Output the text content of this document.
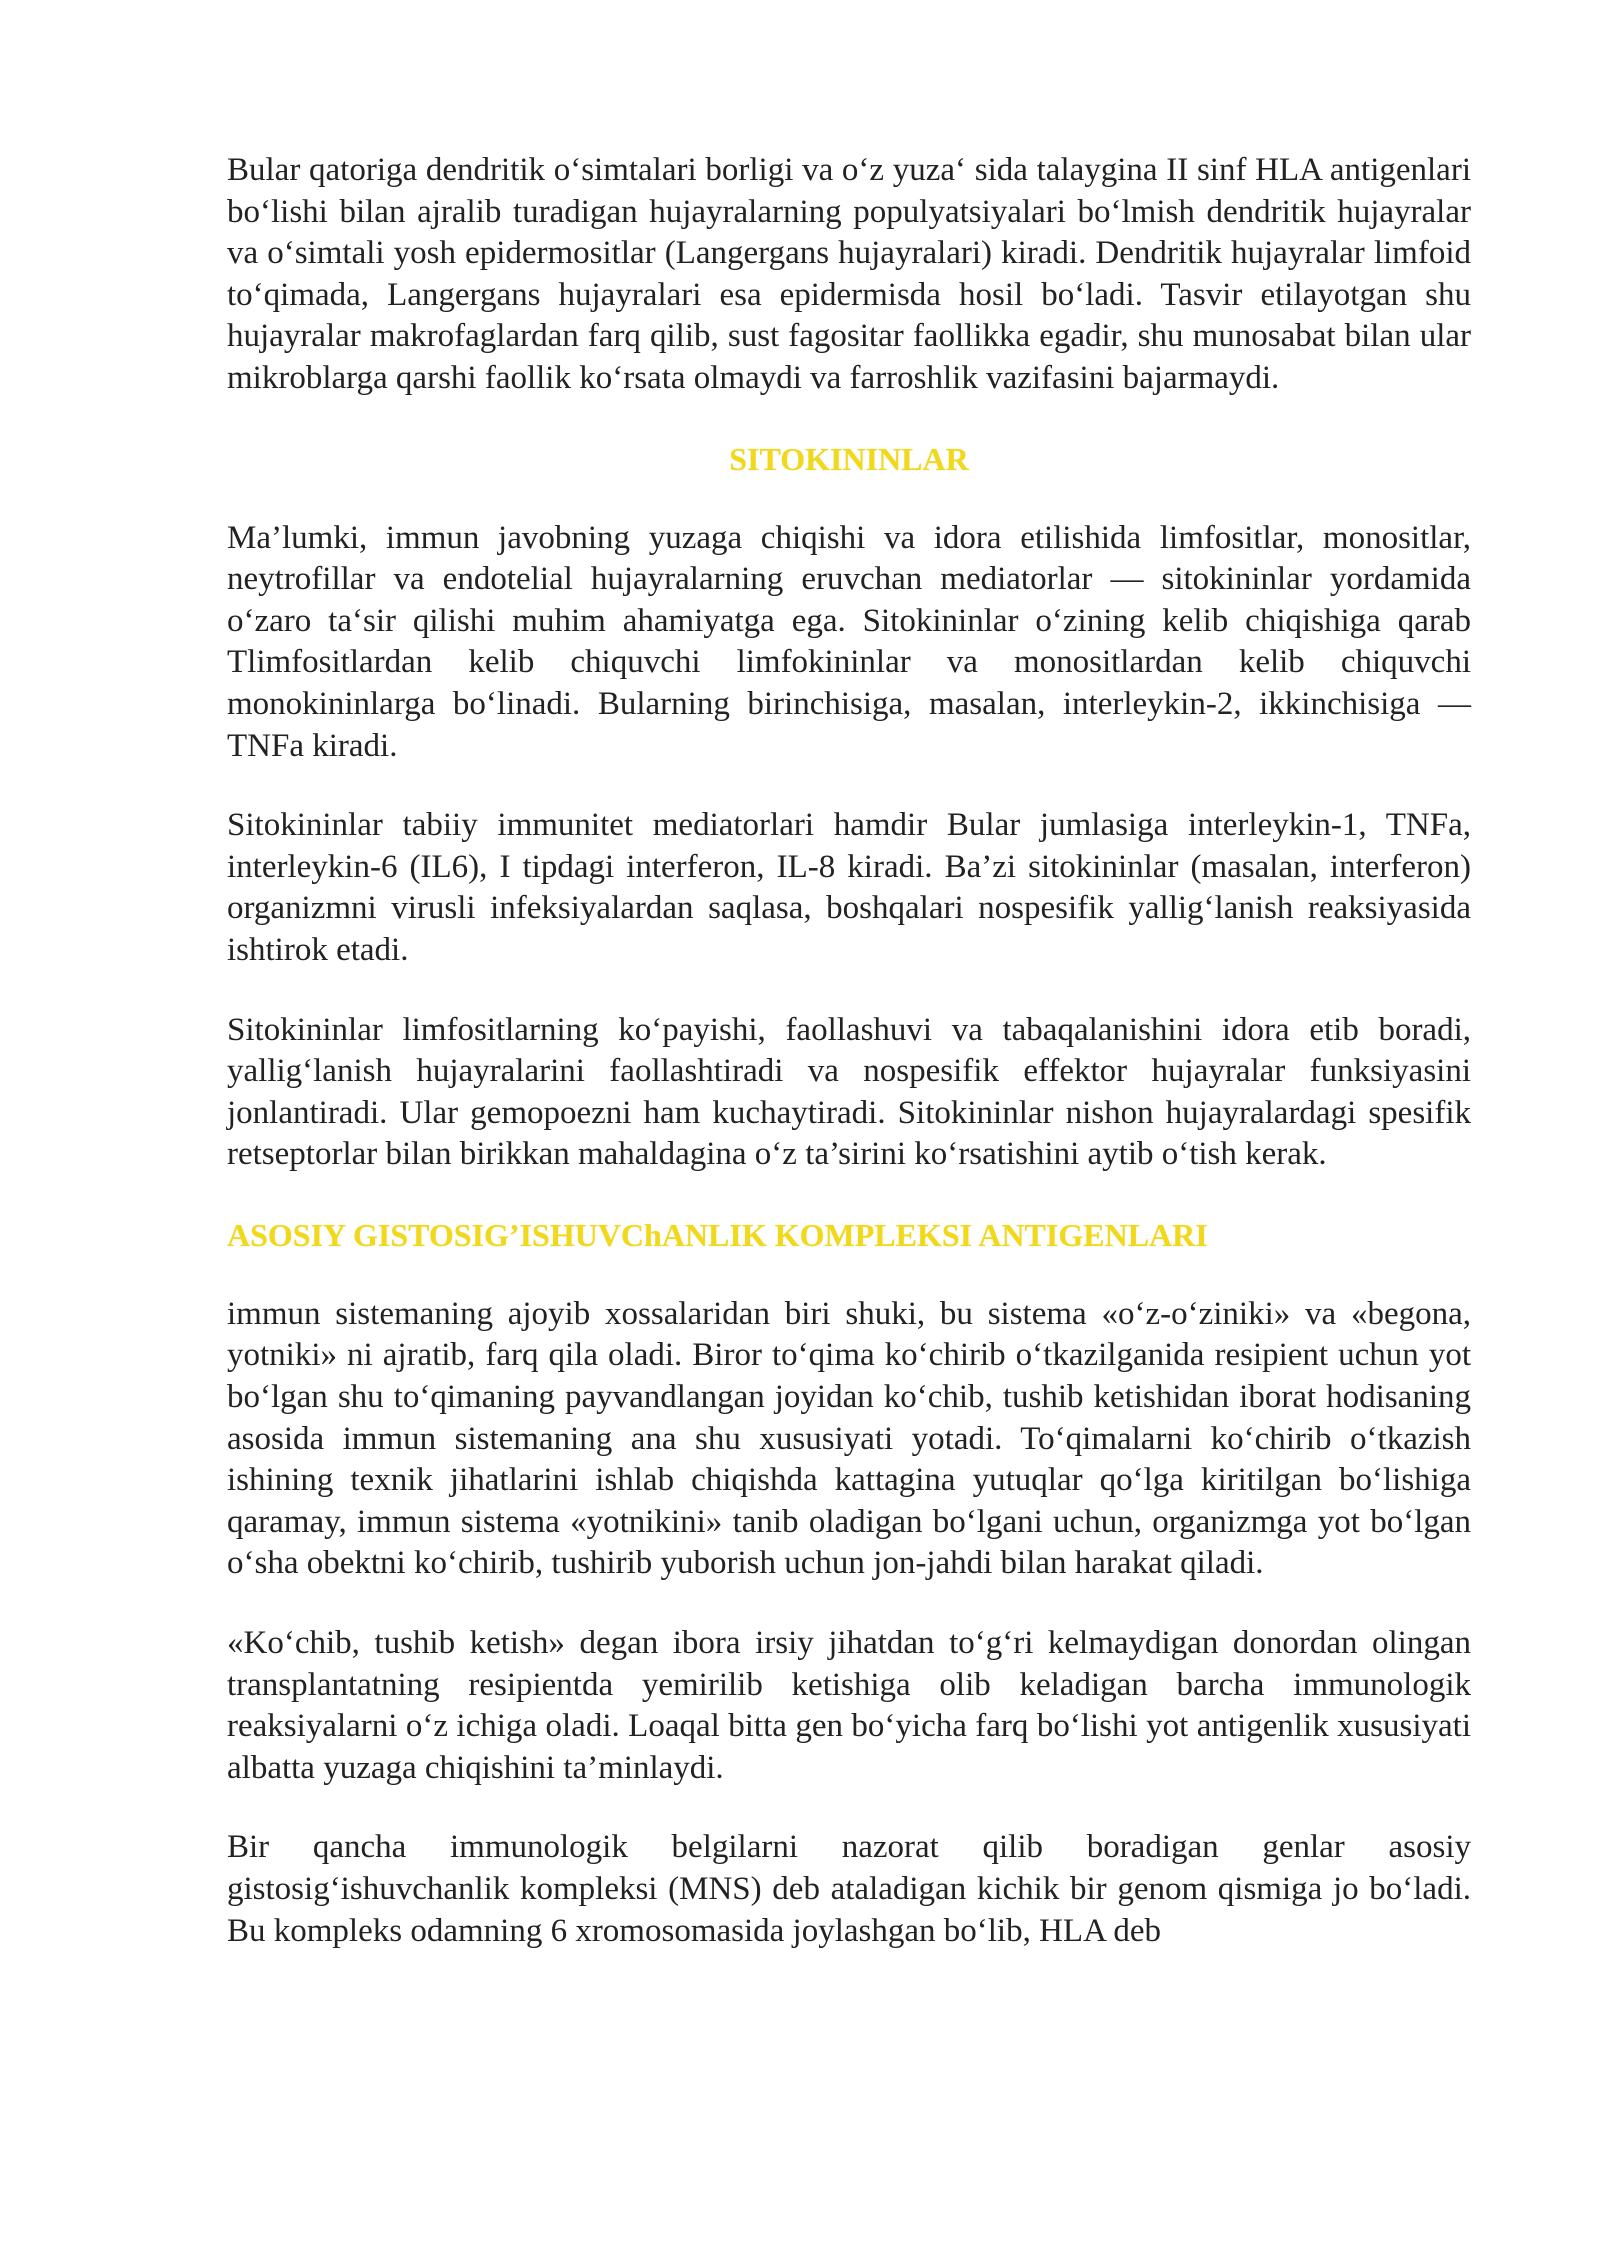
Bular qatoriga dendritik oʻsimtalari borligi va oʻz yuzaʻ sida talaygina II sinf HLA antigenlari boʻlishi bilan ajralib turadigan hujayralarning populyatsiyalari boʻlmish dendritik hujayralar va oʻsimtali yosh epidermositlar (Langergans hujayralari) kiradi. Dendritik hujayralar limfoid toʻqimada, Langergans hujayralari esa epidermisda hosil boʻladi. Tasvir etilayotgan shu hujayralar makrofaglardan farq qilib, sust fagositar faollikka egadir, shu munosabat bilan ular mikroblarga qarshi faollik koʻrsata olmaydi va farroshlik vazifasini bajarmaydi.

SITOKININLAR

Ma’lumki, immun javobning yuzaga chiqishi va idora etilishida limfositlar, monositlar, neytrofillar va endotelial hujayralarning eruvchan mediatorlar — sitokininlar yordamida oʻzaro taʻsir qilishi muhim ahamiyatga ega. Sitokininlar oʻzining kelib chiqishiga qarab Tlimfositlardan kelib chiquvchi limfokininlar va monositlardan kelib chiquvchi monokininlarga boʻlinadi. Bularning birinchisiga, masalan, interleykin-2, ikkinchisiga — TNFa kiradi.

Sitokininlar tabiiy immunitet mediatorlari hamdir Bular jumlasiga interleykin-1, TNFa, interleykin-6 (IL6), I tipdagi interferon, IL-8 kiradi. Ba’zi sitokininlar (masalan, interferon) organizmni virusli infeksiyalardan saqlasa, boshqalari nospesifik yalligʻlanish reaksiyasida ishtirok etadi.

Sitokininlar limfositlarning koʻpayishi, faollashuvi va tabaqalanishini idora etib boradi, yalligʻlanish hujayralarini faollashtiradi va nospesifik effektor hujayralar funksiyasini jonlantiradi. Ular gemopoezni ham kuchaytiradi. Sitokininlar nishon hujayralardagi spesifik retseptorlar bilan birikkan mahaldagina oʻz ta’sirini koʻrsatishini aytib oʻtish kerak.

ASOSIY GISTOSIG’ISHUVChANLIK KOMPLEKSI ANTIGENLARI

immun sistemaning ajoyib xossalaridan biri shuki, bu sistema «oʻz-oʻziniki» va «begona, yotniki» ni ajratib, farq qila oladi. Biror toʻqima koʻchirib oʻtkazilganida resipient uchun yot boʻlgan shu toʻqimaning payvandlangan joyidan koʻchib, tushib ketishidan iborat hodisaning asosida immun sistemaning ana shu xususiyati yotadi. Toʻqimalarni koʻchirib oʻtkazish ishining texnik jihatlarini ishlab chiqishda kattagina yutuqlar qoʻlga kiritilgan boʻlishiga qaramay, immun sistema «yotnikini» tanib oladigan boʻlgani uchun, organizmga yot boʻlgan oʻsha obektni koʻchirib, tushirib yuborish uchun jon-jahdi bilan harakat qiladi.

«Koʻchib, tushib ketish» degan ibora irsiy jihatdan toʻgʻri kelmaydigan donordan olingan transplantatning resipientda yemirilib ketishiga olib keladigan barcha immunologik reaksiyalarni oʻz ichiga oladi. Loaqal bitta gen boʻyicha farq boʻlishi yot antigenlik xususiyati albatta yuzaga chiqishini ta’minlaydi.

Bir qancha immunologik belgilarni nazorat qilib boradigan genlar asosiy gistosigʻishuvchanlik kompleksi (MNS) deb ataladigan kichik bir genom qismiga jo boʻladi. Bu kompleks odamning 6 xromosomasida joylashgan boʻlib, HLA deb
